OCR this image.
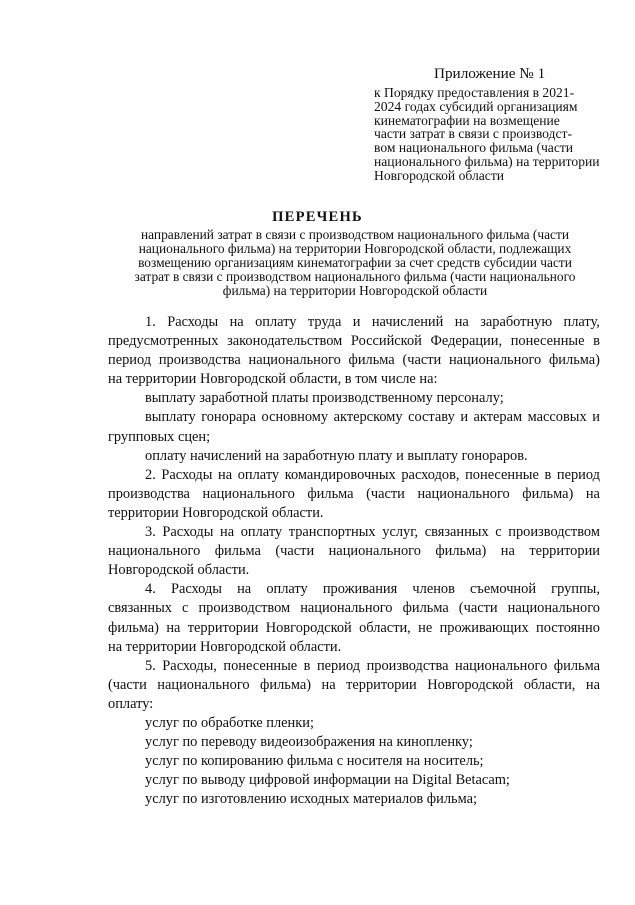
Приложение № 1
к Порядку предоставления в 2021-
2024 годах субсидий организациям
кинематографии на возмещение
части затрат в связи с производст-
вом национального фильма (части
национального фильма) на территории
Новгородской области
ПЕРЕЧЕНЬ
направлений затрат в связи с производством национального фильма (части
национального фильма) на территории Новгородской области, подлежащих
возмещению организациям кинематографии за счет средств субсидии части
затрат в связи с производством национального фильма (части национального
фильма) на территории Новгородской области
1. Расходы на оплату труда и начислений на заработную плату,
предусмотренных законодательством Российской Федерации, понесенные в
период производства национального фильма (части национального фильма)
на территории Новгородской области, в том числе на:
выплату заработной платы производственному персоналу;
выплату гонорара основному актерскому составу и актерам массовых и
групповых сцен;
оплату начислений на заработную плату и выплату гонораров.
2. Расходы на оплату командировочных расходов, понесенные в период
производства национального фильма (части национального фильма) на
территории Новгородской области.
3. Расходы на оплату транспортных услуг, связанных с производством
национального фильма (части национального фильма) на территории
Новгородской области.
4. Расходы на оплату проживания членов съемочной группы,
связанных с производством национального фильма (части национального
фильма) на территории Новгородской области, не проживающих постоянно
на территории Новгородской области.
5. Расходы, понесенные в период производства национального фильма
(части национального фильма) на территории Новгородской области, на
оплату:
услуг по обработке пленки;
услуг по переводу видеоизображения на кинопленку;
услуг по копированию фильма с носителя на носитель;
услуг по выводу цифровой информации на Digital Betacam;
услуг по изготовлению исходных материалов фильма;
